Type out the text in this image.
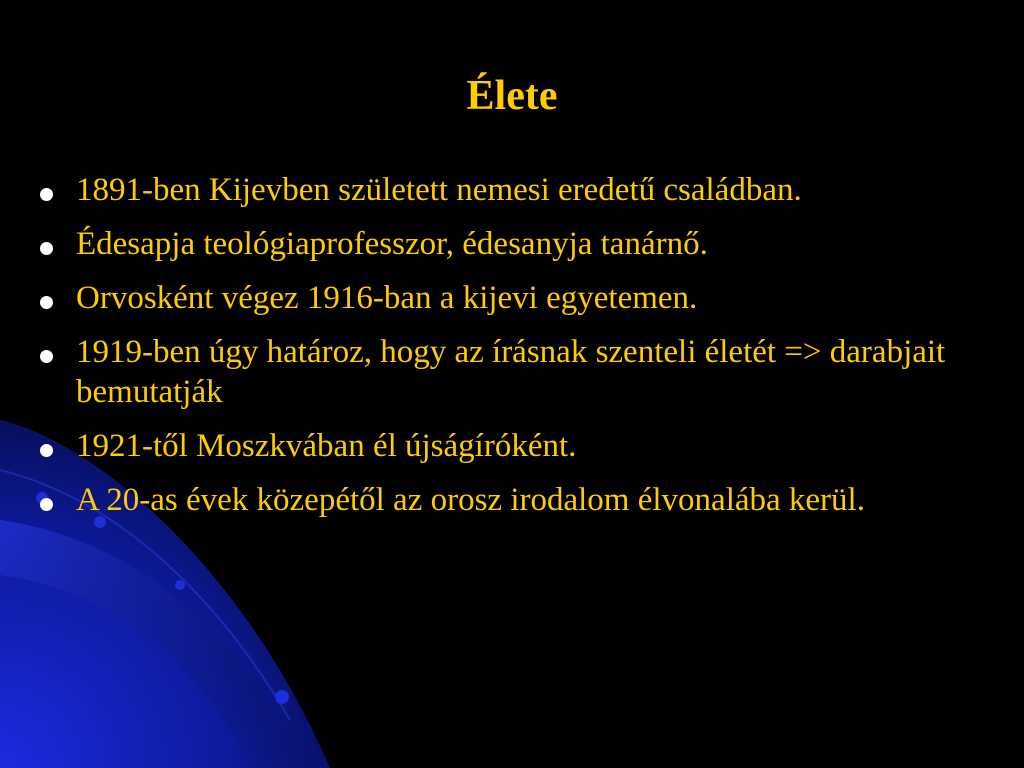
Élete
1891-ben Kijevben született nemesi eredetű családban.
Édesapja teológiaprofesszor, édesanyja tanárnő.
Orvosként végez 1916-ban a kijevi egyetemen.
1919-ben úgy határoz, hogy az írásnak szenteli életét => darabjait bemutatják
1921-től Moszkvában él újságíróként.
A 20-as évek közepétől az orosz irodalom élvonalába kerül.
